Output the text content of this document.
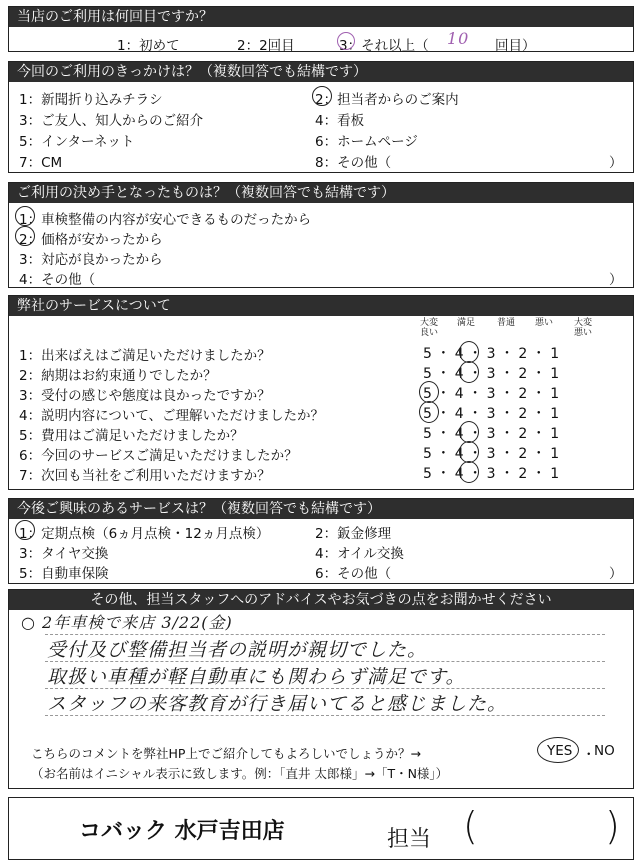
当店のご利用は何回目ですか？
1：初めて	2：2回目	3：それ以上（ 10 回目）
今回のご利用のきっかけは？（複数回答でも結構です）
1：新聞折り込みチラシ	2：担当者からのご案内
3：ご友人、知人からのご紹介	4：看板
5：インターネット	6：ホームページ
7：CM	8：その他（	）
ご利用の決め手となったものは？（複数回答でも結構です）
1：車検整備の内容が安心できるものだったから
2：価格が安かったから
3：対応が良かったから
4：その他（	）
弊社のサービスについて
大変良い
満足	普通	悪い	大変悪い
1：出来ばえはご満足いただけましたか？	5 ・ 4 ・ 3 ・ 2 ・ 1
2：納期はお約束通りでしたか？	5 ・ 4 ・ 3 ・ 2 ・ 1
3：受付の感じや態度は良かったですか？	5 ・ 4 ・ 3 ・ 2 ・ 1
4：説明内容について、ご理解いただけましたか？	5 ・ 4 ・ 3 ・ 2 ・ 1
5：費用はご満足いただけましたか？	5 ・ 4 ・ 3 ・ 2 ・ 1
6：今回のサービスご満足いただけましたか？	5 ・ 4 ・ 3 ・ 2 ・ 1
7：次回も当社をご利用いただけますか？	5 ・ 4 ・ 3 ・ 2 ・ 1
今後ご興味のあるサービスは？（複数回答でも結構です）
1：定期点検（6ヵ月点検・12ヵ月点検）	2：鈑金修理
3：タイヤ交換	4：オイル交換
5：自動車保険	6：その他（	）
その他、担当スタッフへのアドバイスやお気づきの点をお聞かせください
○ 2年車検で来店 3/22(金)
受付及び整備担当者の説明が親切でした。
取扱い車種が軽自動車にも関わらず満足です。
スタッフの来客教育が行き届いてると感じました。
こちらのコメントを弊社HP上でご紹介してもよろしいでしょうか？→	YES ・
NO
（お名前はイニシャル表示に致します。例：「直井 太郎様」→「T・N様」）
コバック 水戸吉田店	担当 (	)
